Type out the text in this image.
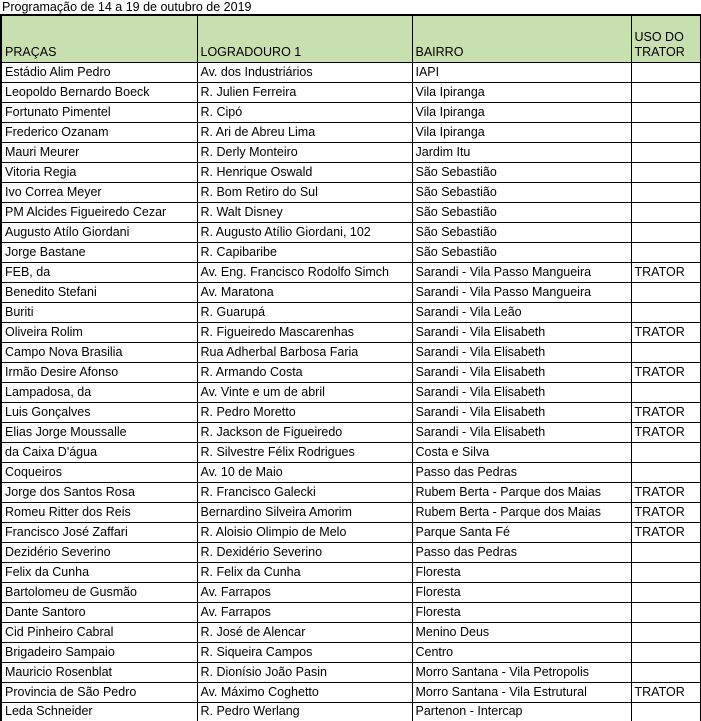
Programação de 14 a 19 de outubro de 2019
PRAÇAS	LOGRADOURO 1	BAIRRO	USO DO TRATOR
Estádio Alim Pedro	Av. dos Industriários	IAPI	
Leopoldo Bernardo Boeck	R. Julien Ferreira	Vila Ipiranga	
Fortunato Pimentel	R. Cipó	Vila Ipiranga	
Frederico Ozanam	R. Ari de Abreu Lima	Vila Ipiranga	
Mauri Meurer	R. Derly Monteiro	Jardim Itu	
Vitoria Regia	R. Henrique Oswald	São Sebastião	
Ivo Correa Meyer	R. Bom Retiro do Sul	São Sebastião	
PM Alcides Figueiredo Cezar	R. Walt Disney	São Sebastião	
Augusto Atílo Giordani	R. Augusto Atílio Giordani, 102	São Sebastião	
Jorge Bastane	R. Capibaribe	São Sebastião	
FEB, da	Av. Eng. Francisco Rodolfo Simch	Sarandi - Vila Passo Mangueira	TRATOR
Benedito Stefani	Av. Maratona	Sarandi - Vila Passo Mangueira	
Buriti	R. Guarupá	Sarandi - Vila Leão	
Oliveira Rolim	R. Figueiredo Mascarenhas	Sarandi - Vila Elisabeth	TRATOR
Campo Nova Brasilia	Rua Adherbal Barbosa Faria	Sarandi - Vila Elisabeth	
Irmão Desire Afonso	R. Armando Costa	Sarandi - Vila Elisabeth	TRATOR
Lampadosa, da	Av. Vinte e um de abril	Sarandi - Vila Elisabeth	
Luis Gonçalves	R. Pedro Moretto	Sarandi - Vila Elisabeth	TRATOR
Elias Jorge Moussalle	R. Jackson de Figueiredo	Sarandi - Vila Elisabeth	TRATOR
da Caixa D'água	R. Silvestre Félix Rodrigues	Costa e Silva	
Coqueiros	Av. 10 de Maio	Passo das Pedras	
Jorge dos Santos Rosa	R. Francisco Galecki	Rubem Berta - Parque dos Maias	TRATOR
Romeu Ritter dos Reis	Bernardino Silveira Amorim	Rubem Berta - Parque dos Maias	TRATOR
Francisco José Zaffari	R. Aloisio Olimpio de Melo	Parque Santa Fé	TRATOR
Dezidério Severino	R. Dexidério Severino	Passo das Pedras	
Felix da Cunha	R. Felix da Cunha	Floresta	
Bartolomeu de Gusmão	Av. Farrapos	Floresta	
Dante Santoro	Av. Farrapos	Floresta	
Cid Pinheiro Cabral	R. José de Alencar	Menino Deus	
Brigadeiro Sampaio	R. Siqueira Campos	Centro	
Mauricio Rosenblat	R. Dionísio João Pasin	Morro Santana - Vila Petropolis	
Provincia de São Pedro	Av. Máximo Coghetto	Morro Santana - Vila Estrutural	TRATOR
Leda Schneider	R. Pedro Werlang	Partenon - Intercap	
